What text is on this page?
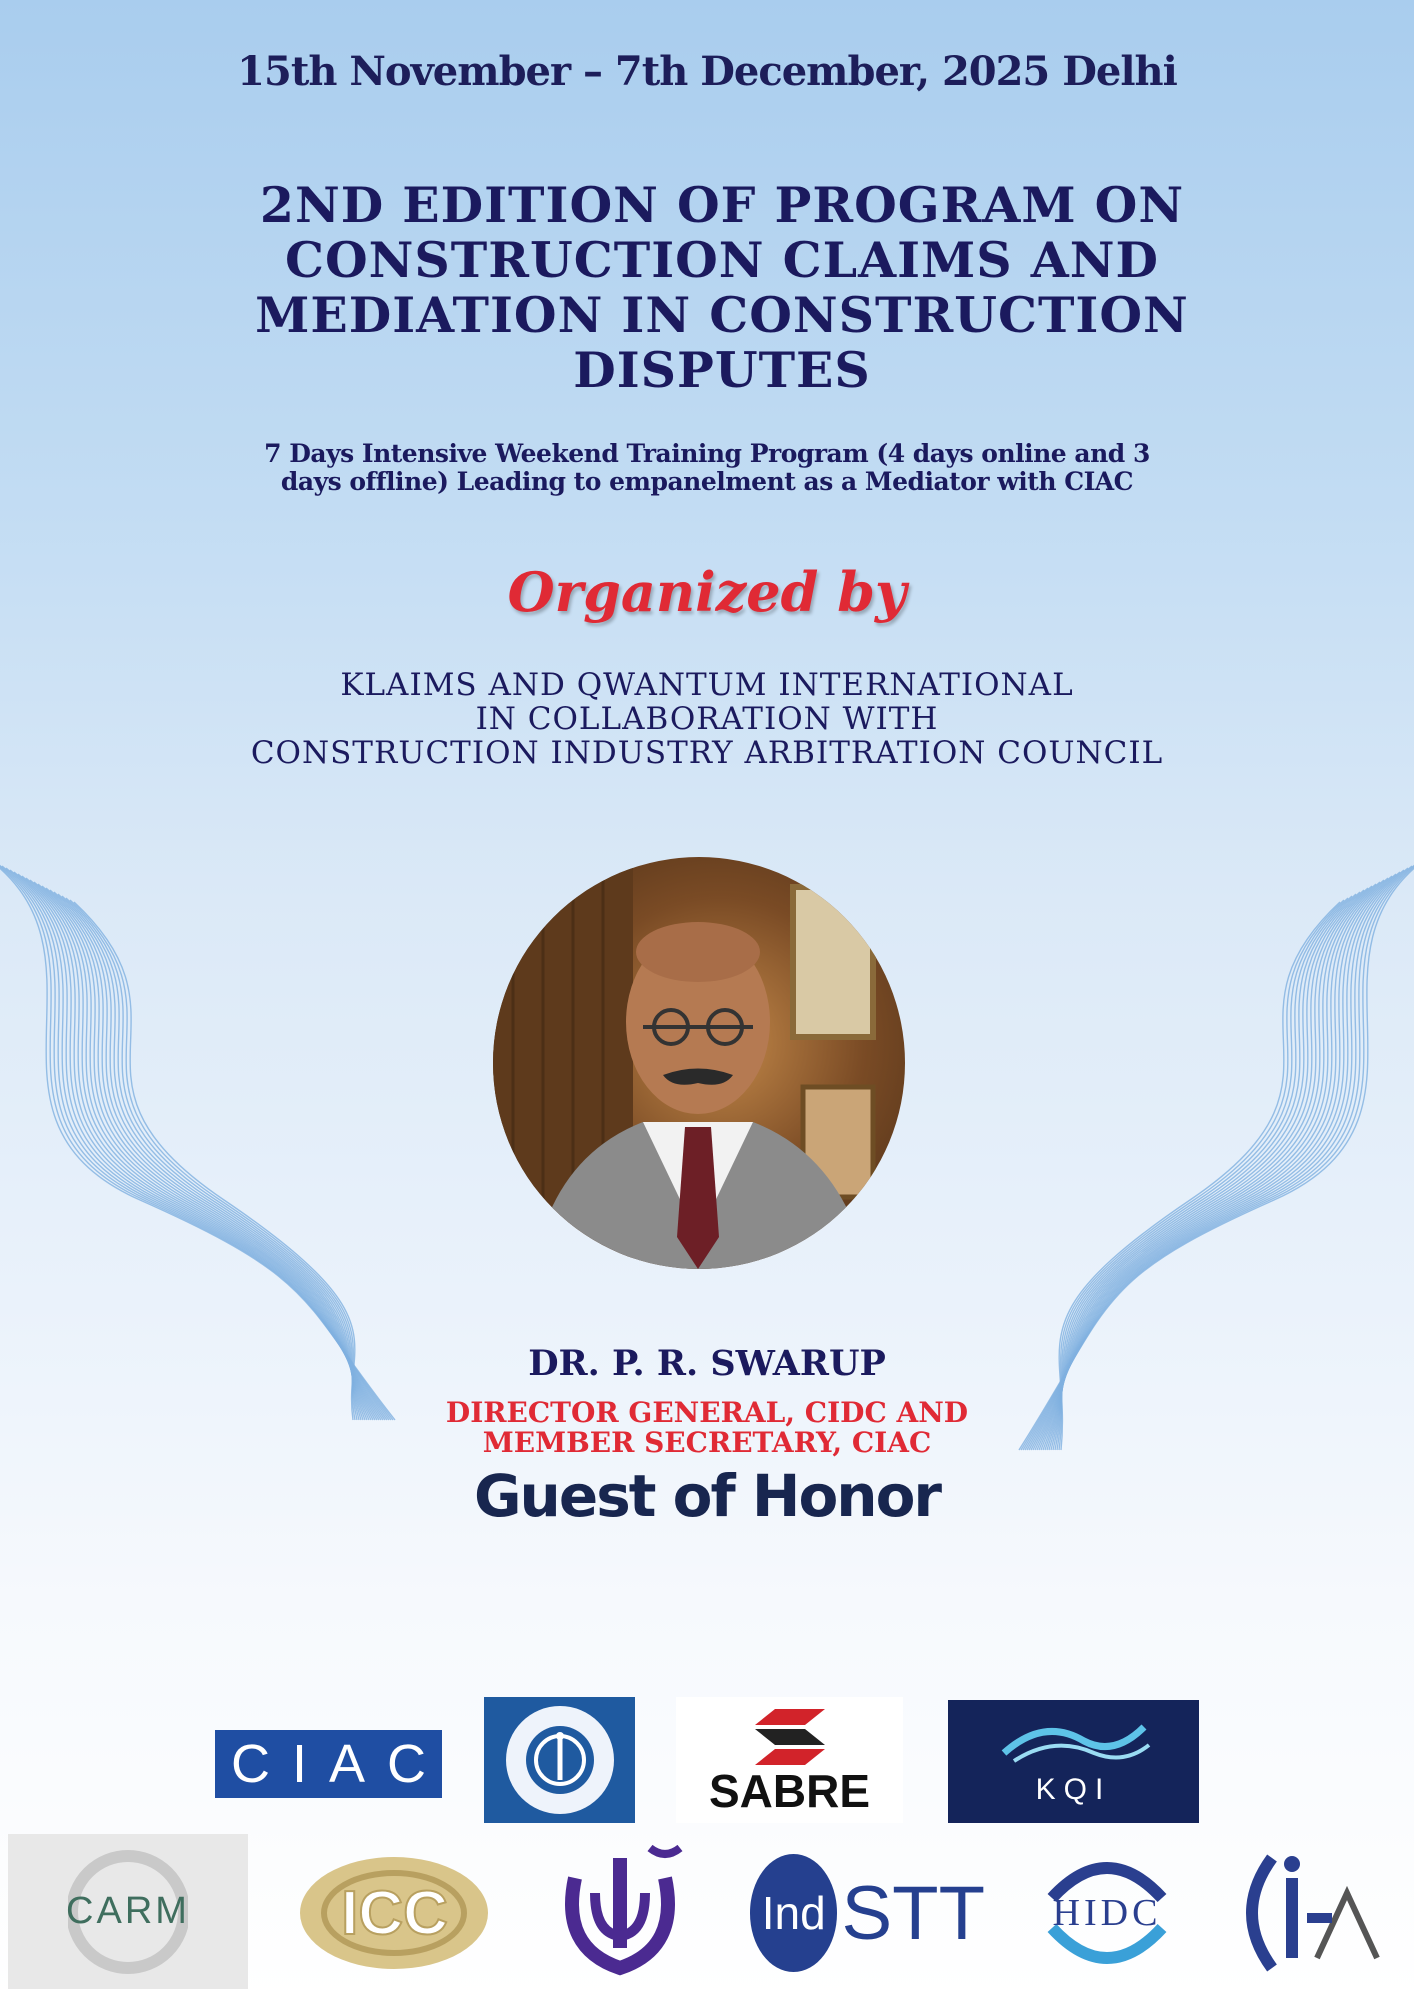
15th November – 7th December, 2025 Delhi
2ND EDITION OF PROGRAM ON
CONSTRUCTION CLAIMS AND
MEDIATION IN CONSTRUCTION
DISPUTES
7 Days Intensive Weekend Training Program (4 days online and 3
days offline) Leading to empanelment as a Mediator with CIAC
Organized by
KLAIMS AND QWANTUM INTERNATIONAL
IN COLLABORATION WITH
CONSTRUCTION INDUSTRY ARBITRATION COUNCIL
DR. P. R. SWARUP
DIRECTOR GENERAL, CIDC AND
MEMBER SECRETARY, CIAC
Guest of Honor
CIAC	SABRE	KQI
CARM ICC	Ind STT HIDC
